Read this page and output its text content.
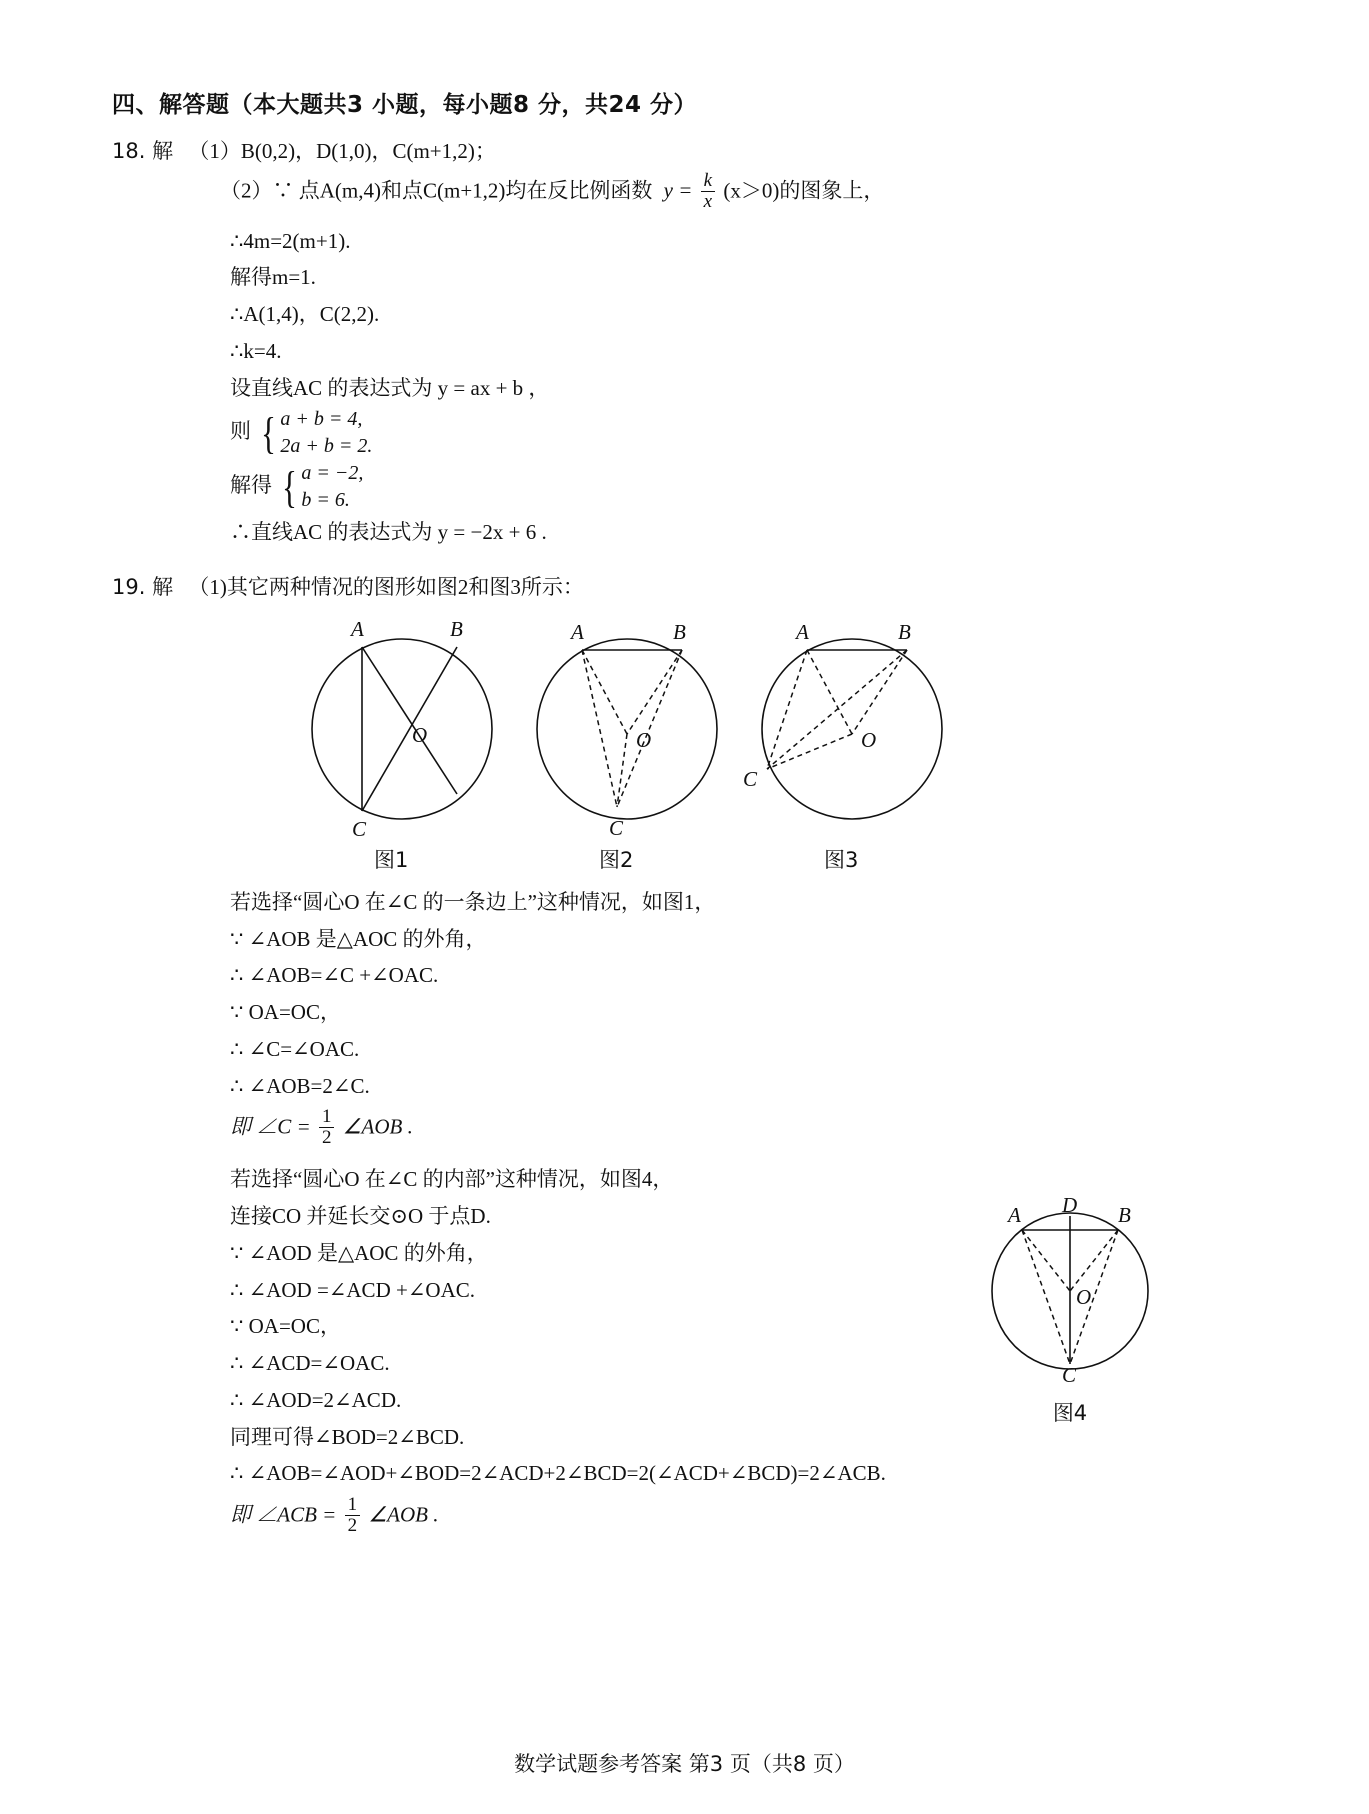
四、解答题（本大题共3 小题，每小题8 分，共24 分）
18. 解 （1）B(0,2)，D(1,0)，C(m+1,2)；
（2）∵ 点A(m,4)和点C(m+1,2)均在反比例函数 $y = \frac{k}{x} (x>0)$的图象上，
∴4m=2(m+1).
解得m=1.
∴A(1,4)，C(2,2).
∴k=4.
设直线AC 的表达式为 y = ax + b ，
则 { a + b = 4,
2a + b = 2.
解得 { a = −2,
b = 6.
∴直线AC 的表达式为 y = −2x + 6 .
19. 解 （1)其它两种情况的图形如图2和图3所示：
A	B
C
O
A	B
C
O
A	B
C
O
图1	图2	图3
若选择“圆心O 在∠C 的一条边上”这种情况，如图1，
∵ ∠AOB 是△AOC 的外角，
∴ ∠AOB=∠C +∠OAC.
∵ OA=OC，
∴ ∠C=∠OAC.
∴ ∠AOB=2∠C.
即 ∠C = $\frac{1}{2}$ ∠AOB .
若选择“圆心O 在∠C 的内部”这种情况，如图4，
连接CO 并延长交⊙O 于点D.
∵ ∠AOD 是△AOC 的外角，
∴ ∠AOD =∠ACD +∠OAC.
∵ OA=OC，
∴ ∠ACD=∠OAC.
∴ ∠AOD=2∠ACD.
同理可得∠BOD=2∠BCD.
∴ ∠AOB=∠AOD+∠BOD=2∠ACD+2∠BCD=2(∠ACD+∠BCD)=2∠ACB.
即 ∠ACB = $\frac{1}{2}$ ∠AOB .
A D B
O
C
图4
数学试题参考答案 第3 页（共8 页）
